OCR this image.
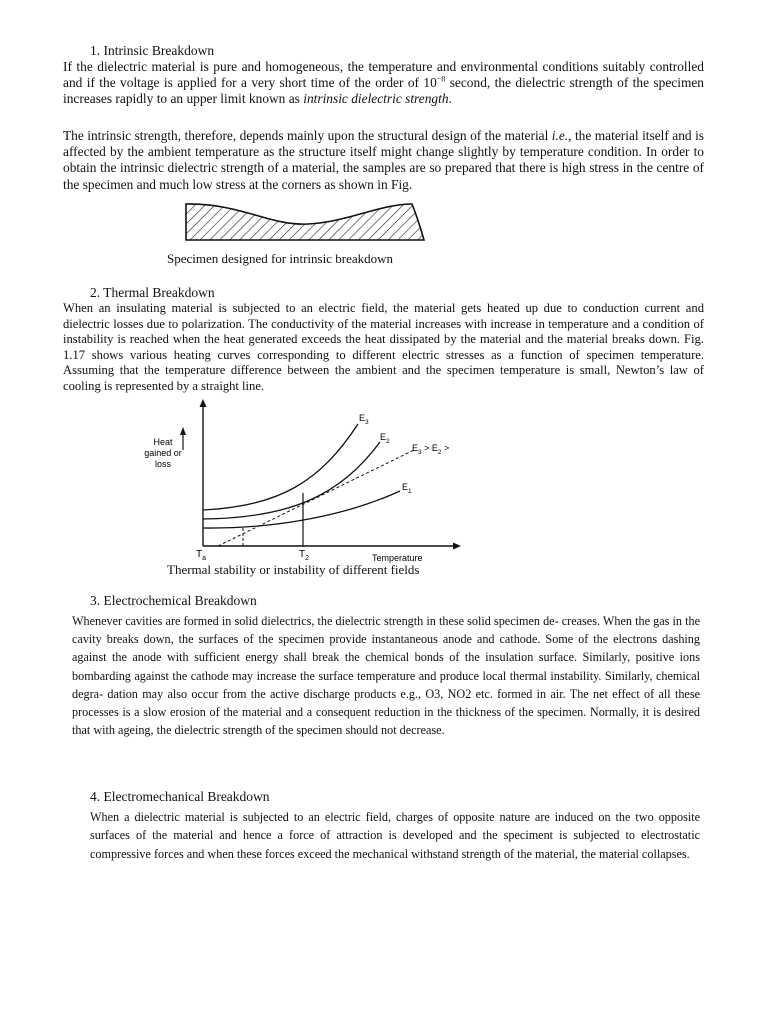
1. Intrinsic Breakdown
If the dielectric material is pure and homogeneous, the temperature and environmental conditions suitably controlled and if the voltage is applied for a very short time of the order of $10^{-8}$ second, the dielectric strength of the specimen increases rapidly to an upper limit known as intrinsic dielectric strength.
The intrinsic strength, therefore, depends mainly upon the structural design of the material i.e., the material itself and is affected by the ambient temperature as the structure itself might change slightly by temperature condition. In order to obtain the intrinsic dielectric strength of a material, the samples are so prepared that there is high stress in the centre of the specimen and much low stress at the corners as shown in Fig.
Specimen designed for intrinsic breakdown
2. Thermal Breakdown
When an insulating material is subjected to an electric field, the material gets heated up due to conduction current and dielectric losses due to polarization. The conductivity of the material increases with increase in temperature and a condition of instability is reached when the heat generated exceeds the heat dissipated by the material and the material breaks down. Fig. 1.17 shows various heating curves corresponding to different electric stresses as a function of specimen temperature. Assuming that the temperature difference between the ambient and the specimen temperature is small, Newton’s law of cooling is represented by a straight line.
Heat
gained or
loss
$T_a$	$T_2$	Temperature
$E_3$
$E_2$
$E_1$
$E_3 > E_2$ >
Thermal stability or instability of different fields
3. Electrochemical Breakdown
Whenever cavities are formed in solid dielectrics, the dielectric strength in these solid specimen de- creases. When the gas in the cavity breaks down, the surfaces of the specimen provide instantaneous anode and cathode. Some of the electrons dashing against the anode with sufficient energy shall break the chemical bonds of the insulation surface. Similarly, positive ions bombarding against the cathode may increase the surface temperature and produce local thermal instability. Similarly, chemical degra- dation may also occur from the active discharge products e.g., O3, NO2 etc. formed in air. The net effect of all these processes is a slow erosion of the material and a consequent reduction in the thickness of the specimen. Normally, it is desired that with ageing, the dielectric strength of the specimen should not decrease.
4. Electromechanical Breakdown
When a dielectric material is subjected to an electric field, charges of opposite nature are induced on the two opposite surfaces of the material and hence a force of attraction is developed and the speciment is subjected to electrostatic compressive forces and when these forces exceed the mechanical withstand strength of the material, the material collapses.
